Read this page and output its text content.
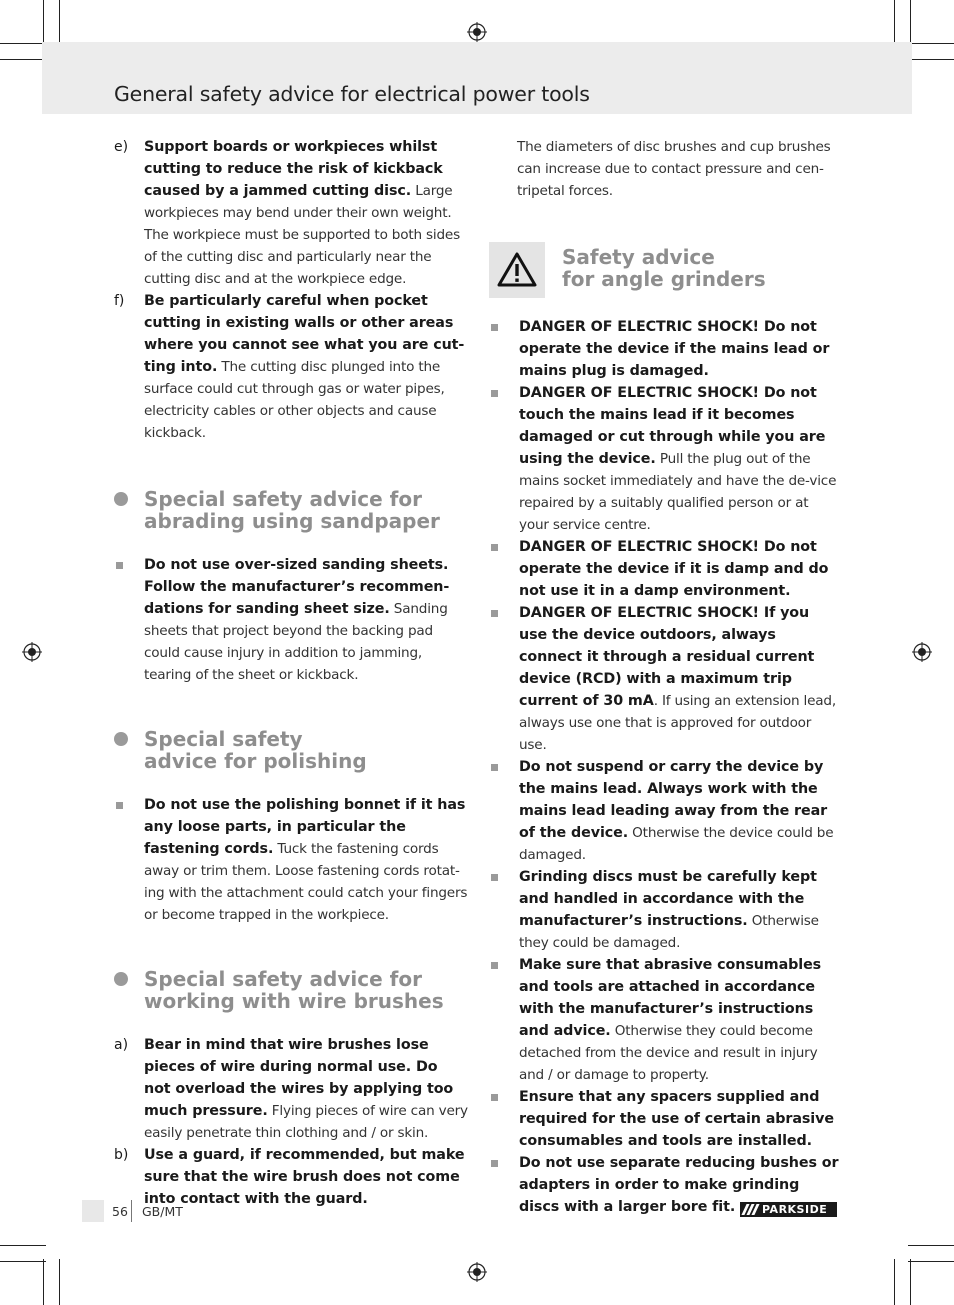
General safety advice for electrical power tools

e) Support boards or workpieces whilst cutting to reduce the risk of kickback caused by a jammed cutting disc. Large workpieces may bend under their own weight. The workpiece must be supported to both sides of the cutting disc and particularly near the cutting disc and at the workpiece edge.

f) Be particularly careful when pocket cutting in existing walls or other areas where you cannot see what you are cut-ting into. The cutting disc plunged into the surface could cut through gas or water pipes, electricity cables or other objects and cause kickback.

Special safety advice for
abrading using sandpaper

Do not use over-sized sanding sheets. Follow the manufacturer’s recommen-dations for sanding sheet size. Sanding sheets that project beyond the backing pad could cause injury in addition to jamming, tearing of the sheet or kickback.

Special safety
advice for polishing

Do not use the polishing bonnet if it has any loose parts, in particular the fastening cords. Tuck the fastening cords away or trim them. Loose fastening cords rotat-ing with the attachment could catch your fingers or become trapped in the workpiece.

Special safety advice for
working with wire brushes

a) Bear in mind that wire brushes lose pieces of wire during normal use. Do not overload the wires by applying too much pressure. Flying pieces of wire can very easily penetrate thin clothing and / or skin.

b) Use a guard, if recommended, but make sure that the wire brush does not come into contact with the guard.

The diameters of disc brushes and cup brushes can increase due to contact pressure and cen-tripetal forces.

Safety advice
for angle grinders

DANGER OF ELECTRIC SHOCK! Do not operate the device if the mains lead or mains plug is damaged.

DANGER OF ELECTRIC SHOCK! Do not touch the mains lead if it becomes damaged or cut through while you are using the device. Pull the plug out of the mains socket immediately and have the de-vice repaired by a suitably qualified person or at your service centre.

DANGER OF ELECTRIC SHOCK! Do not operate the device if it is damp and do not use it in a damp environment.

DANGER OF ELECTRIC SHOCK! If you use the device outdoors, always connect it through a residual current device (RCD) with a maximum trip current of 30 mA. If using an extension lead, always use one that is approved for outdoor use.

Do not suspend or carry the device by the mains lead. Always work with the mains lead leading away from the rear of the device. Otherwise the device could be damaged.

Grinding discs must be carefully kept and handled in accordance with the manufacturer’s instructions. Otherwise they could be damaged.

Make sure that abrasive consumables and tools are attached in accordance with the manufacturer’s instructions and advice. Otherwise they could become detached from the device and result in injury and / or damage to property.

Ensure that any spacers supplied and required for the use of certain abrasive consumables and tools are installed.

Do not use separate reducing bushes or adapters in order to make grinding discs with a larger bore fit.

56 GB/MT	PARKSIDE
